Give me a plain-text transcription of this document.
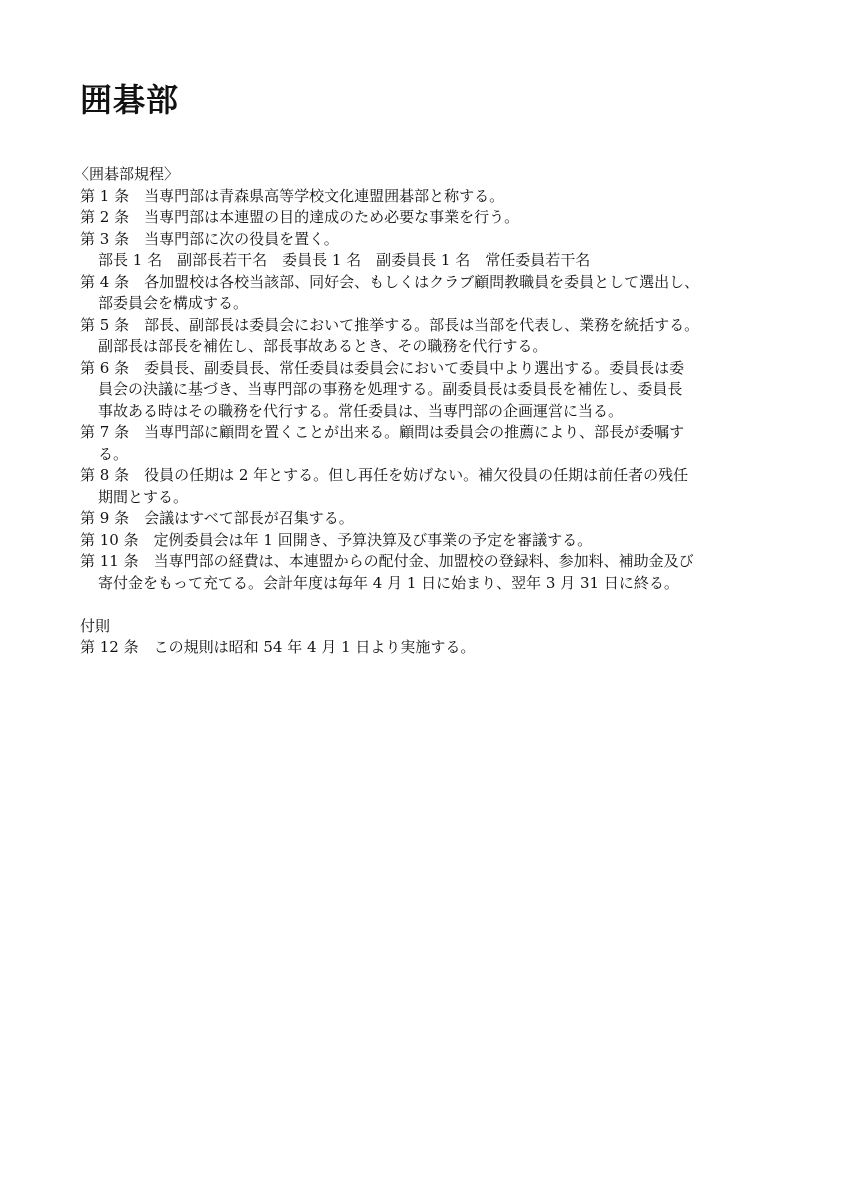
囲碁部
〈囲碁部規程〉
第 1 条　当専門部は青森県高等学校文化連盟囲碁部と称する。
第 2 条　当専門部は本連盟の目的達成のため必要な事業を行う。
第 3 条　当専門部に次の役員を置く。
部長 1 名　副部長若干名　委員長 1 名　副委員長 1 名　常任委員若干名
第 4 条　各加盟校は各校当該部、同好会、もしくはクラブ顧問教職員を委員として選出し、
部委員会を構成する。
第 5 条　部長、副部長は委員会において推挙する。部長は当部を代表し、業務を統括する。
副部長は部長を補佐し、部長事故あるとき、その職務を代行する。
第 6 条　委員長、副委員長、常任委員は委員会において委員中より選出する。委員長は委
員会の決議に基づき、当専門部の事務を処理する。副委員長は委員長を補佐し、委員長
事故ある時はその職務を代行する。常任委員は、当専門部の企画運営に当る。
第 7 条　当専門部に顧問を置くことが出来る。顧問は委員会の推薦により、部長が委嘱す
る。
第 8 条　役員の任期は 2 年とする。但し再任を妨げない。補欠役員の任期は前任者の残任
期間とする。
第 9 条　会議はすべて部長が召集する。
第 10 条　定例委員会は年 1 回開き、予算決算及び事業の予定を審議する。
第 11 条　当専門部の経費は、本連盟からの配付金、加盟校の登録料、参加料、補助金及び
寄付金をもって充てる。会計年度は毎年 4 月 1 日に始まり、翌年 3 月 31 日に終る。
付則
第 12 条　この規則は昭和 54 年 4 月 1 日より実施する。
